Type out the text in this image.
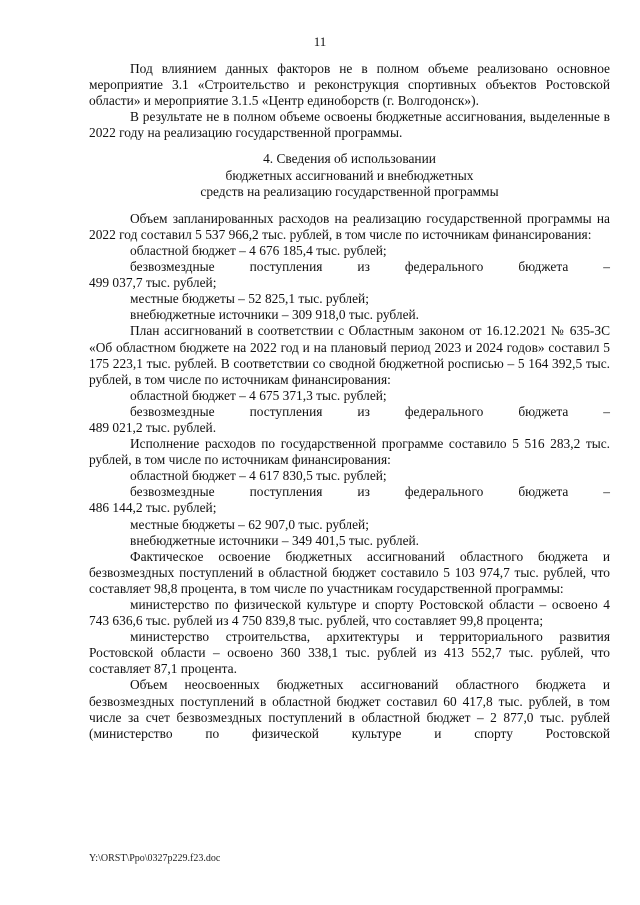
11

Под влиянием данных факторов не в полном объеме реализовано основное мероприятие 3.1 «Строительство и реконструкция спортивных объектов Ростовской области» и мероприятие 3.1.5 «Центр единоборств (г. Волгодонск»).

В результате не в полном объеме освоены бюджетные ассигнования, выделенные в 2022 году на реализацию государственной программы.

4. Сведения об использовании

бюджетных ассигнований и внебюджетных

средств на реализацию государственной программы

Объем запланированных расходов на реализацию государственной программы на 2022 год составил 5 537 966,2 тыс. рублей, в том числе по источникам финансирования:

областной бюджет – 4 676 185,4 тыс. рублей;

безвозмездные поступления из федерального бюджета –

499 037,7 тыс. рублей;

местные бюджеты – 52 825,1 тыс. рублей;

внебюджетные источники – 309 918,0 тыс. рублей.

План ассигнований в соответствии с Областным законом от 16.12.2021 № 635-ЗС «Об областном бюджете на 2022 год и на плановый период 2023 и 2024 годов» составил 5 175 223,1 тыс. рублей. В соответствии со сводной бюджетной росписью – 5 164 392,5 тыс. рублей, в том числе по источникам финансирования:

областной бюджет – 4 675 371,3 тыс. рублей;

безвозмездные поступления из федерального бюджета –

489 021,2 тыс. рублей.

Исполнение расходов по государственной программе составило 5 516 283,2 тыс. рублей, в том числе по источникам финансирования:

областной бюджет – 4 617 830,5 тыс. рублей;

безвозмездные поступления из федерального бюджета –

486 144,2 тыс. рублей;

местные бюджеты – 62 907,0 тыс. рублей;

внебюджетные источники – 349 401,5 тыс. рублей.

Фактическое освоение бюджетных ассигнований областного бюджета и безвозмездных поступлений в областной бюджет составило 5 103 974,7 тыс. рублей, что составляет 98,8 процента, в том числе по участникам государственной программы:

министерство по физической культуре и спорту Ростовской области – освоено 4 743 636,6 тыс. рублей из 4 750 839,8 тыс. рублей, что составляет 99,8 процента;

министерство строительства, архитектуры и территориального развития Ростовской области – освоено 360 338,1 тыс. рублей из 413 552,7 тыс. рублей, что составляет 87,1 процента.

Объем неосвоенных бюджетных ассигнований областного бюджета и безвозмездных поступлений в областной бюджет составил 60 417,8 тыс. рублей, в том числе за счет безвозмездных поступлений в областной бюджет – 2 877,0 тыс. рублей (министерство по физической культуре и спорту Ростовской

Y:\ORST\Ppo\0327p229.f23.doc
